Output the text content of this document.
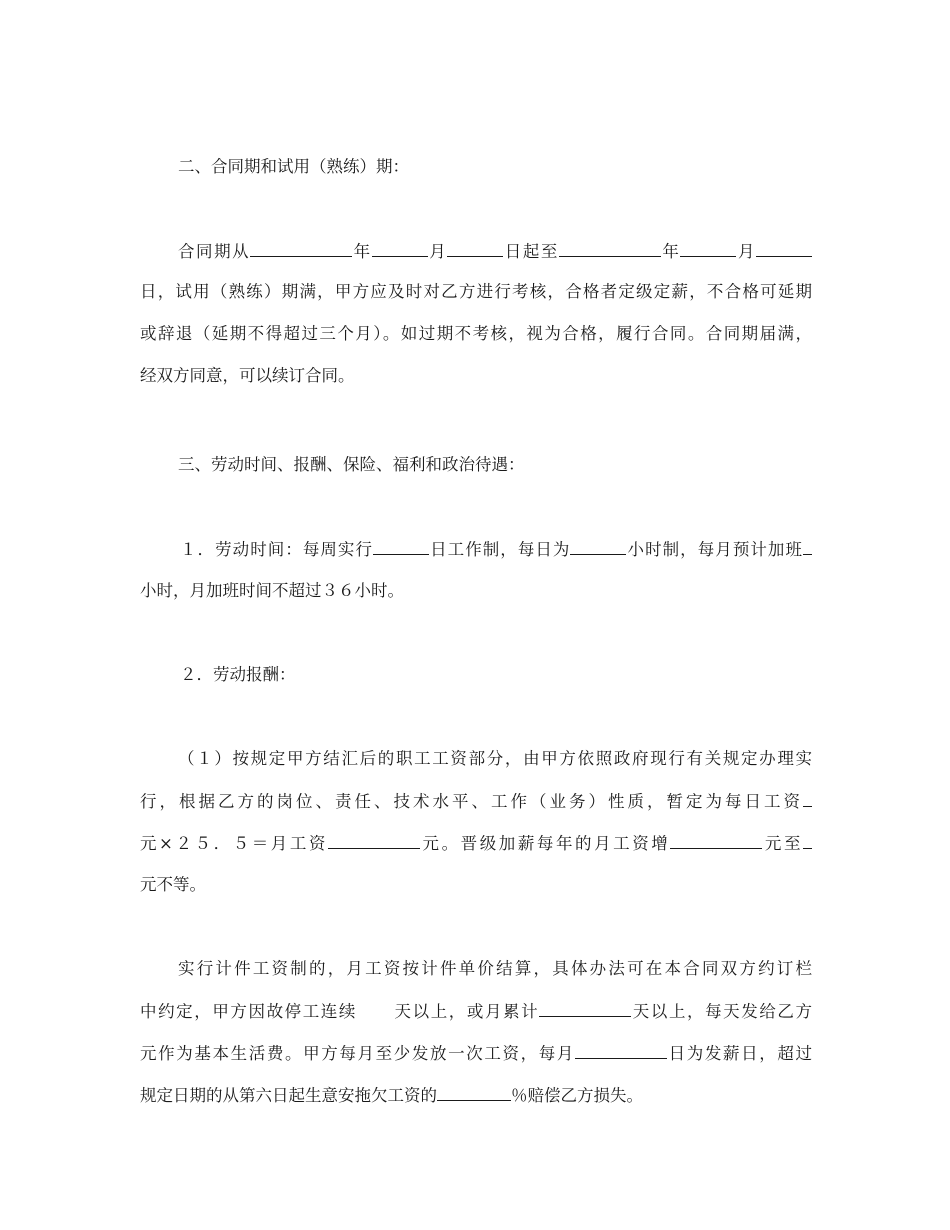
二、合同期和试用（熟练）期：
合同期从	年	月	日起至	年	月
日，试用（熟练）期满，甲方应及时对乙方进行考核，合格者定级定薪，不合格可延期
或辞退（延期不得超过三个月）。如过期不考核，视为合格，履行合同。合同期届满，
经双方同意，可以续订合同。
三、劳动时间、报酬、保险、福利和政治待遇：
１．劳动时间：每周实行	日工作制，每日为	小时制，每月预计加班
小时，月加班时间不超过３６小时。
２．劳动报酬：
（１）按规定甲方结汇后的职工工资部分，由甲方依照政府现行有关规定办理实
行，根据乙方的岗位、责任、技术水平、工作（业务）性质，暂定为每日工资
元×２５．５＝月工资	元。晋级加薪每年的月工资增	元至
元不等。
实行计件工资制的，月工资按计件单价结算，具体办法可在本合同双方约订栏
中约定，甲方因故停工连续 天以上，或月累计	天以上，每天发给乙方
元作为基本生活费。甲方每月至少发放一次工资，每月	日为发薪日，超过
规定日期的从第六日起生意安拖欠工资的	％赔偿乙方损失。
